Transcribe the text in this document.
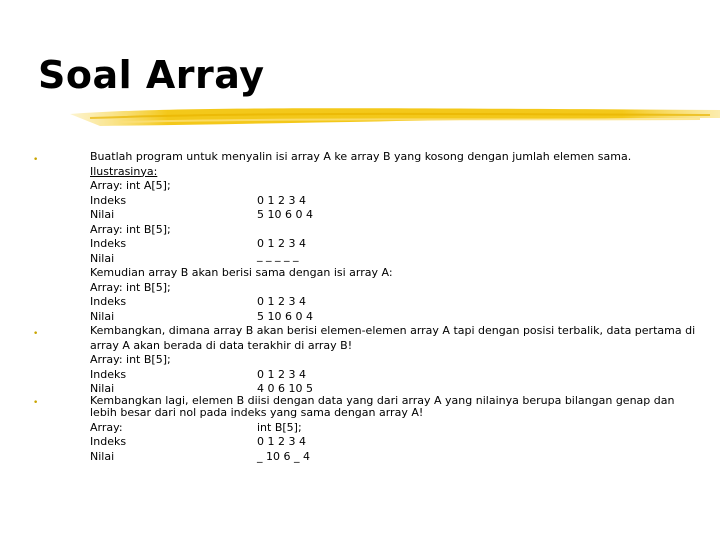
Soal Array
•
•
•
Buatlah program untuk menyalin isi array A ke array B yang kosong dengan jumlah elemen sama.
Ilustrasinya:
Array: int A[5];
Indeks	0 1 2 3 4
Nilai	5 10 6 0 4
Array: int B[5];
Indeks	0 1 2 3 4
Nilai	_ _ _ _ _
Kemudian array B akan berisi sama dengan isi array A:
Array: int B[5];
Indeks	0 1 2 3 4
Nilai	5 10 6 0 4
Kembangkan, dimana array B akan berisi elemen-elemen array A tapi dengan posisi terbalik, data pertama di
array A akan berada di data terakhir di array B!
Array: int B[5];
Indeks	0 1 2 3 4
Nilai	4 0 6 10 5
Kembangkan lagi, elemen B diisi dengan data yang dari array A yang nilainya berupa bilangan genap dan
lebih besar dari nol pada indeks yang sama dengan array A!
Array:	int B[5];
Indeks	0 1 2 3 4
Nilai	_ 10 6 _ 4
